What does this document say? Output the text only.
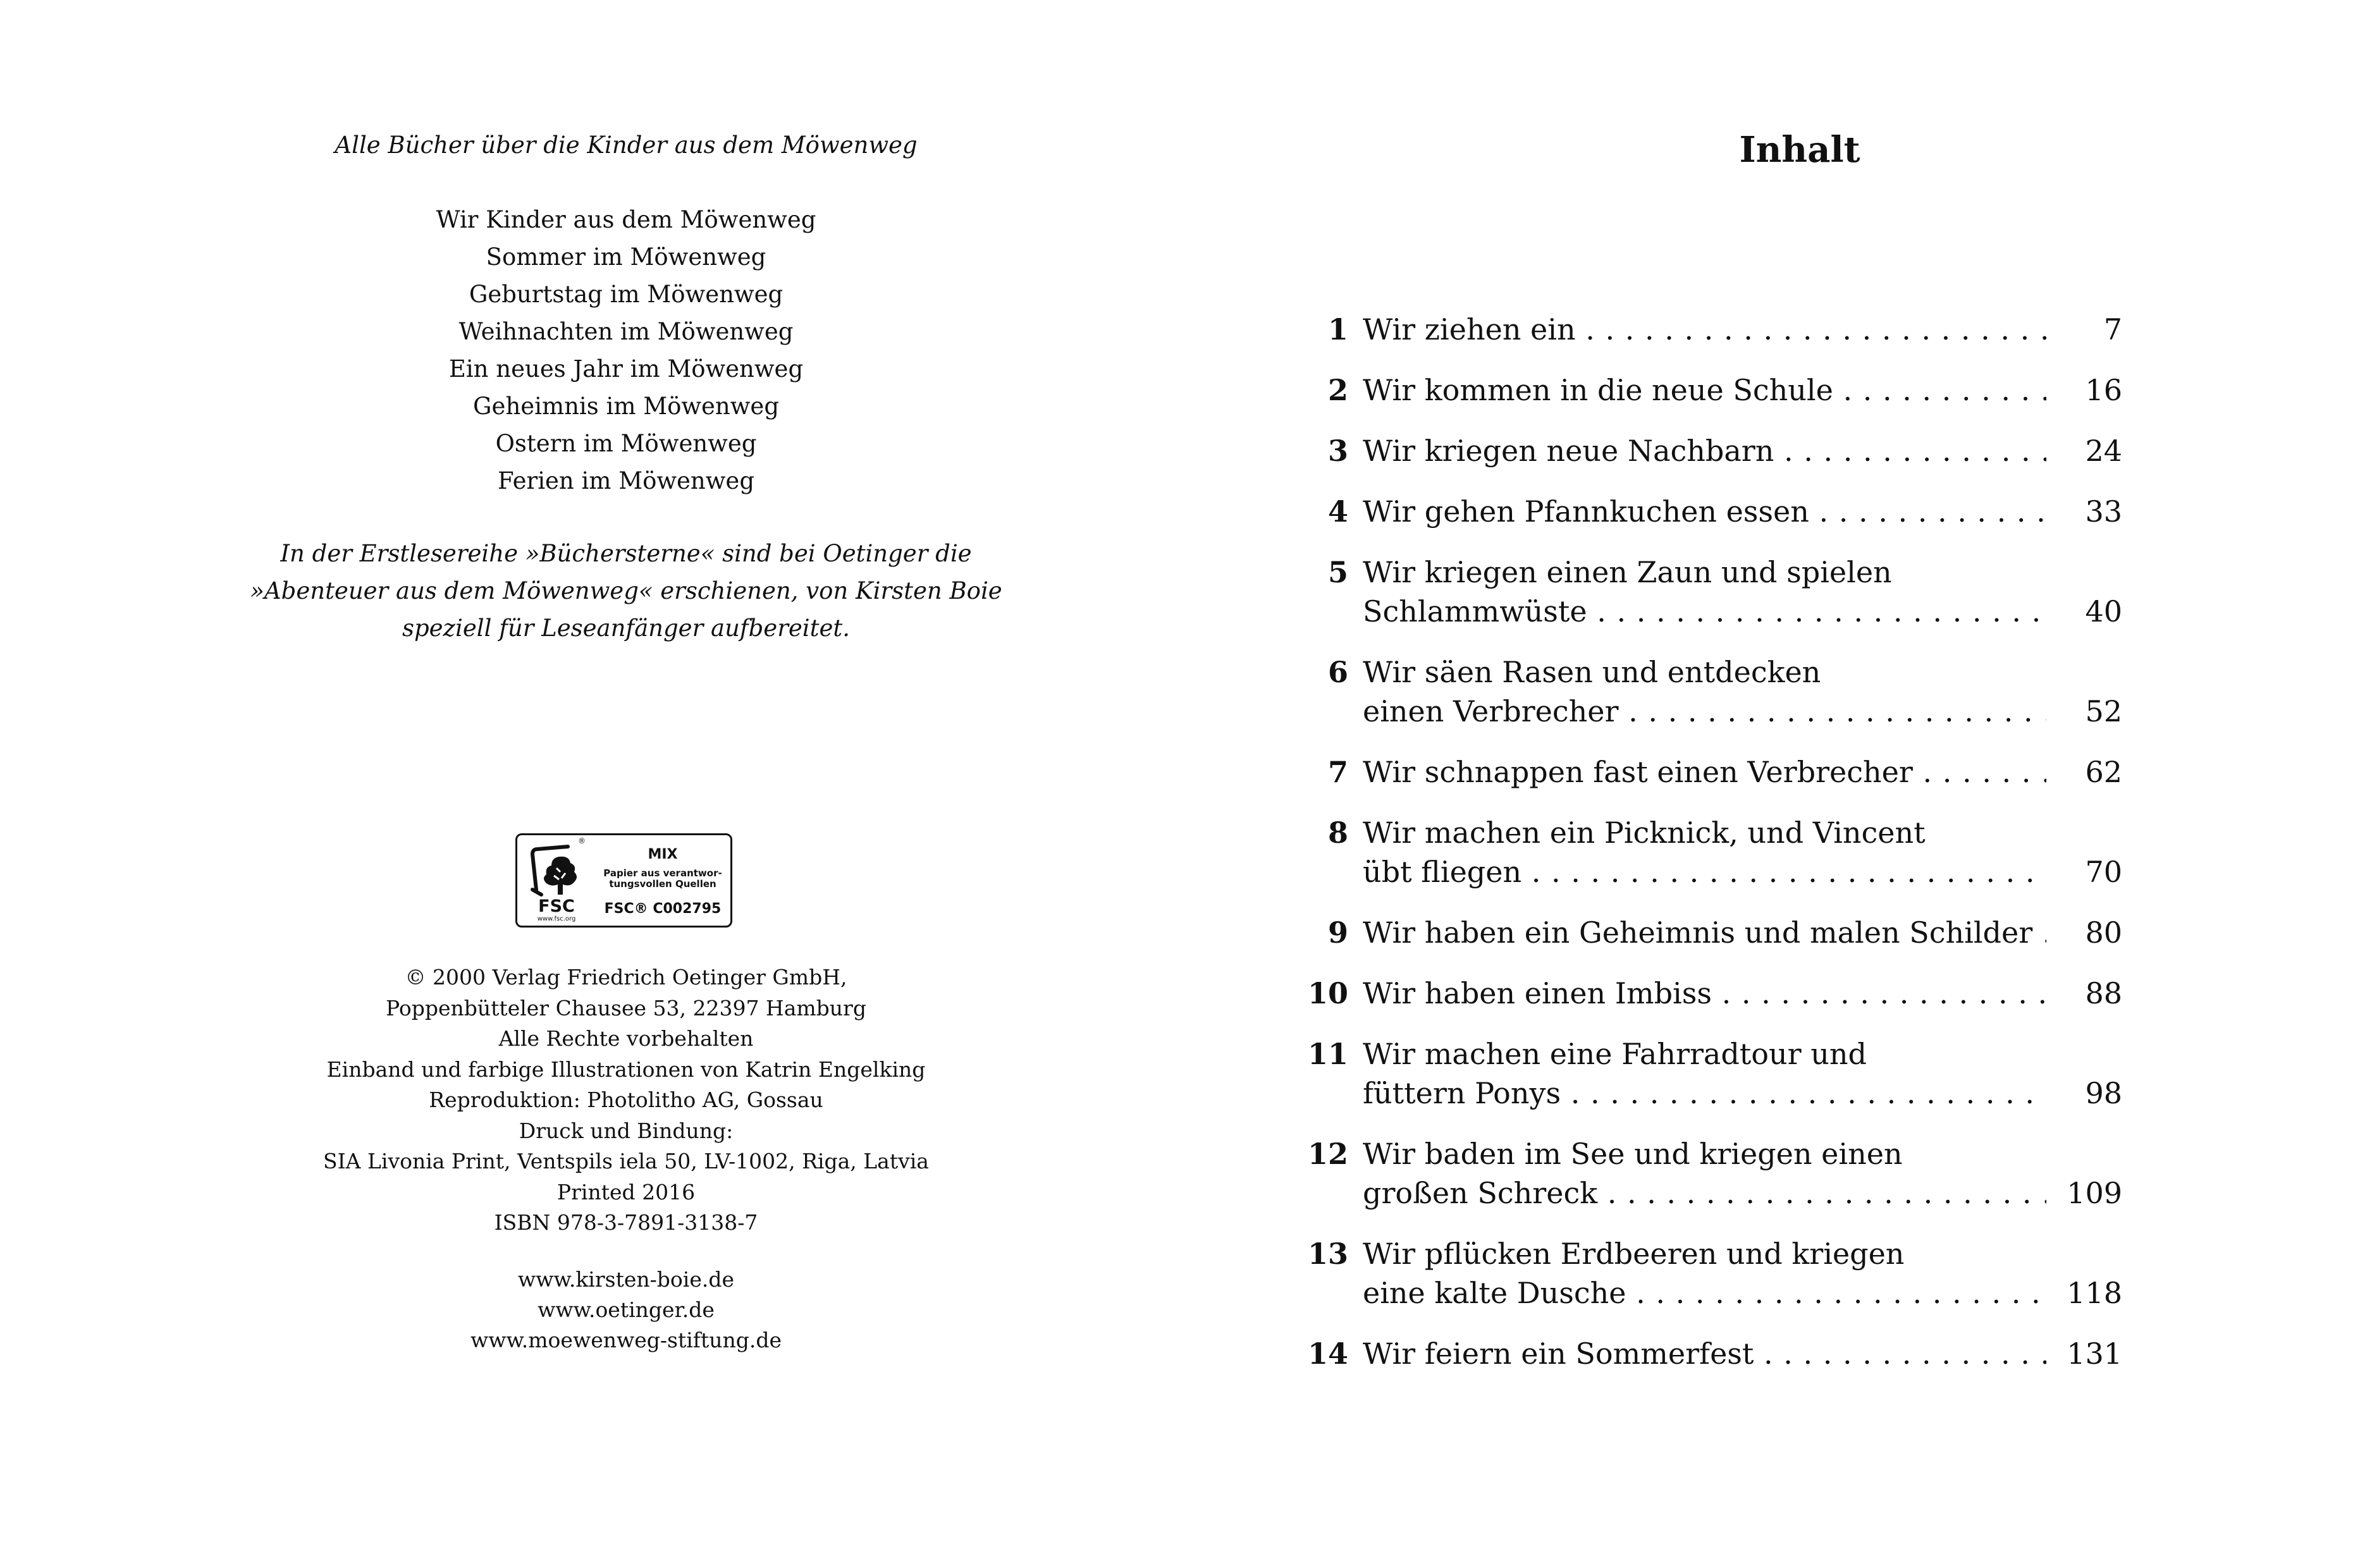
Alle Bücher über die Kinder aus dem Möwenweg
Wir Kinder aus dem Möwenweg
Sommer im Möwenweg
Geburtstag im Möwenweg
Weihnachten im Möwenweg
Ein neues Jahr im Möwenweg
Geheimnis im Möwenweg
Ostern im Möwenweg
Ferien im Möwenweg
In der Erstlesereihe »Büchersterne« sind bei Oetinger die
»Abenteuer aus dem Möwenweg« erschienen, von Kirsten Boie
speziell für Leseanfänger aufbereitet.
®
FSC
www.fsc.org
MIX
Papier aus verantwor-
tungsvollen Quellen
FSC® C002795
© 2000 Verlag Friedrich Oetinger GmbH,
Poppenbütteler Chausee 53, 22397 Hamburg
Alle Rechte vorbehalten
Einband und farbige Illustrationen von Katrin Engelking
Reproduktion: Photolitho AG, Gossau
Druck und Bindung:
SIA Livonia Print, Ventspils iela 50, LV-1002, Riga, Latvia
Printed 2016
ISBN 978-3-7891-3138-7
www.kirsten-boie.de
www.oetinger.de
www.moewenweg-stiftung.de
Inhalt
1 Wir ziehen ein . . .	7
2 Wir kommen in die neue Schule . . .	16
3 Wir kriegen neue Nachbarn . . .	24
4 Wir gehen Pfannkuchen essen . . .	33
5 Wir kriegen einen Zaun und spielen
Schlammwüste . . .	40
6 Wir säen Rasen und entdecken
einen Verbrecher . . .	52
7 Wir schnappen fast einen Verbrecher . . .	62
8 Wir machen ein Picknick, und Vincent
übt fliegen . . .	70
9 Wir haben ein Geheimnis und malen Schilder . . .	80
10 Wir haben einen Imbiss . . .	88
11 Wir machen eine Fahrradtour und
füttern Ponys . . .	98
12 Wir baden im See und kriegen einen
großen Schreck . . .	109
13 Wir pflücken Erdbeeren und kriegen
eine kalte Dusche . . .	118
14 Wir feiern ein Sommerfest . . .	131
